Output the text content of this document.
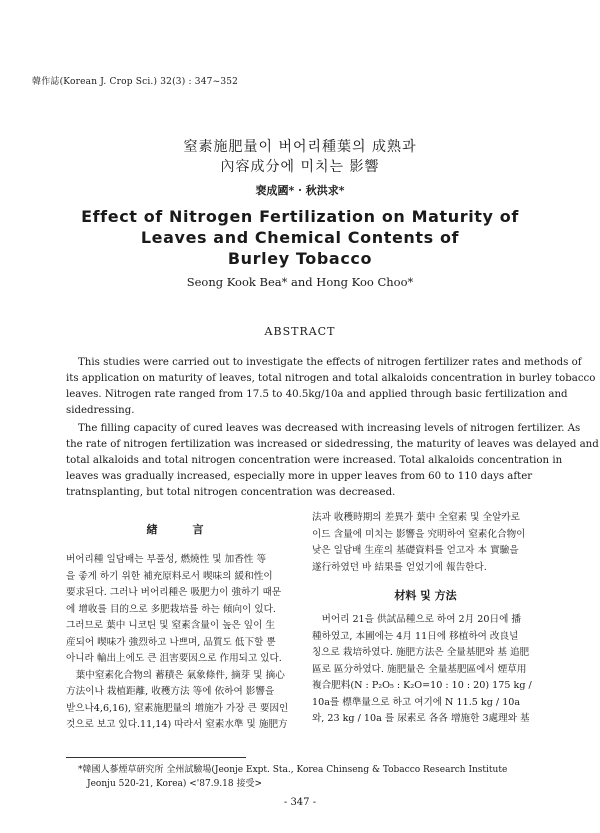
韓作誌(Korean J. Crop Sci.) 32(3) : 347~352
窒素施肥量이 버어리種葉의 成熟과
內容成分에 미치는 影響
裵成國* · 秋洪求*
Effect of Nitrogen Fertilization on Maturity of
Leaves and Chemical Contents of
Burley Tobacco
Seong Kook Bea* and Hong Koo Choo*
ABSTRACT
This studies were carried out to investigate the effects of nitrogen fertilizer rates and methods of
its application on maturity of leaves, total nitrogen and total alkaloids concentration in burley tobacco
leaves. Nitrogen rate ranged from 17.5 to 40.5kg/10a and applied through basic fertilization and
sidedressing.
The filling capacity of cured leaves was decreased with increasing levels of nitrogen fertilizer. As
the rate of nitrogen fertilization was increased or sidedressing, the maturity of leaves was delayed and
total alkaloids and total nitrogen concentration were increased. Total alkaloids concentration in
leaves was gradually increased, especially more in upper leaves from 60 to 110 days after
tratnsplanting, but total nitrogen concentration was decreased.
緖　言
버어리種 일담배는 부풀성, 燃燒性 및 加香性 等
을 좋게 하기 위한 補充原料로서 喫味의 緩和性이
要求된다. 그러나 버어리種은 吸肥力이 強하기 때문
에 增收를 目的으로 多肥栽培를 하는 傾向이 있다.
그러므로 葉中 니코틴 및 窒素含量이 높은 잎이 生
産되어 喫味가 強烈하고 나쁘며, 品質도 低下할 뿐
아니라 輸出上에도 큰 沮害要因으로 作用되고 있다.
　葉中窒素化合物의 蓄積은 氣象條件, 摘芽 및 摘心
方法이나 栽植距離, 收穫方法 等에 依하여 影響을
받으나4,6,16), 窒素施肥量의 增施가 가장 큰 要因인
것으로 보고 있다.11,14) 따라서 窒素水準 및 施肥方
法과 收穫時期의 差異가 葉中 全窒素 및 全알카로
이드 含量에 미치는 影響을 究明하여 窒素化合物이
낮은 일담배 生産의 基礎資料를 얻고자 本 實驗을
遂行하였던 바 結果를 얻었기에 報告한다.
材料 및 方法
　버어리 21을 供試品種으로 하여 2月 20日에 播
種하였고, 本圃에는 4月 11日에 移植하여 改良널
칭으로 栽培하였다. 施肥方法은 全量基肥와 基 追肥
區로 區分하였다. 施肥量은 全量基肥區에서 煙草用
複合肥料(N : P₂O₅ : K₂O=10 : 10 : 20) 175 kg /
10a를 標準量으로 하고 여기에 N 11.5 kg / 10a
와, 23 kg / 10a 를 尿素로 各各 增施한 3處理와 基
*韓國人蔘煙草硏究所 全州試驗場(Jeonje Expt. Sta., Korea Chinseng & Tobacco Research Institute
　Jeonju 520-21, Korea) <'87.9.18 接受>
- 347 -
